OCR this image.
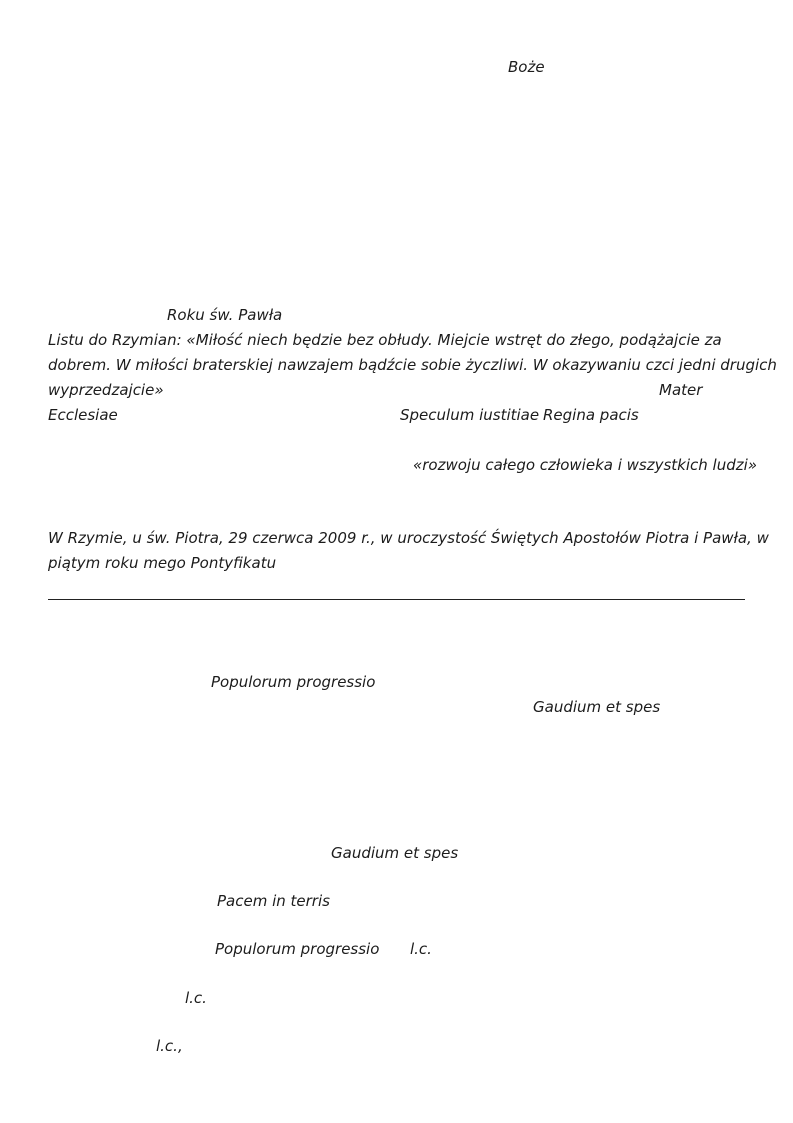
Boże
Roku św. Pawła
Listu do Rzymian: «Miłość niech będzie bez obłudy. Miejcie wstręt do złego, podążajcie za
dobrem. W miłości braterskiej nawzajem bądźcie sobie życzliwi. W okazywaniu czci jedni drugich
wyprzedzajcie»	Mater
Ecclesiae	Speculum iustitiae Regina pacis
«rozwoju całego człowieka i wszystkich ludzi»
W Rzymie, u św. Piotra, 29 czerwca 2009 r., w uroczystość Świętych Apostołów Piotra i Pawła, w
piątym roku mego Pontyfikatu
Populorum progressio
Gaudium et spes
Gaudium et spes
Pacem in terris
Populorum progressio l.c.
l.c.
l.c.,
